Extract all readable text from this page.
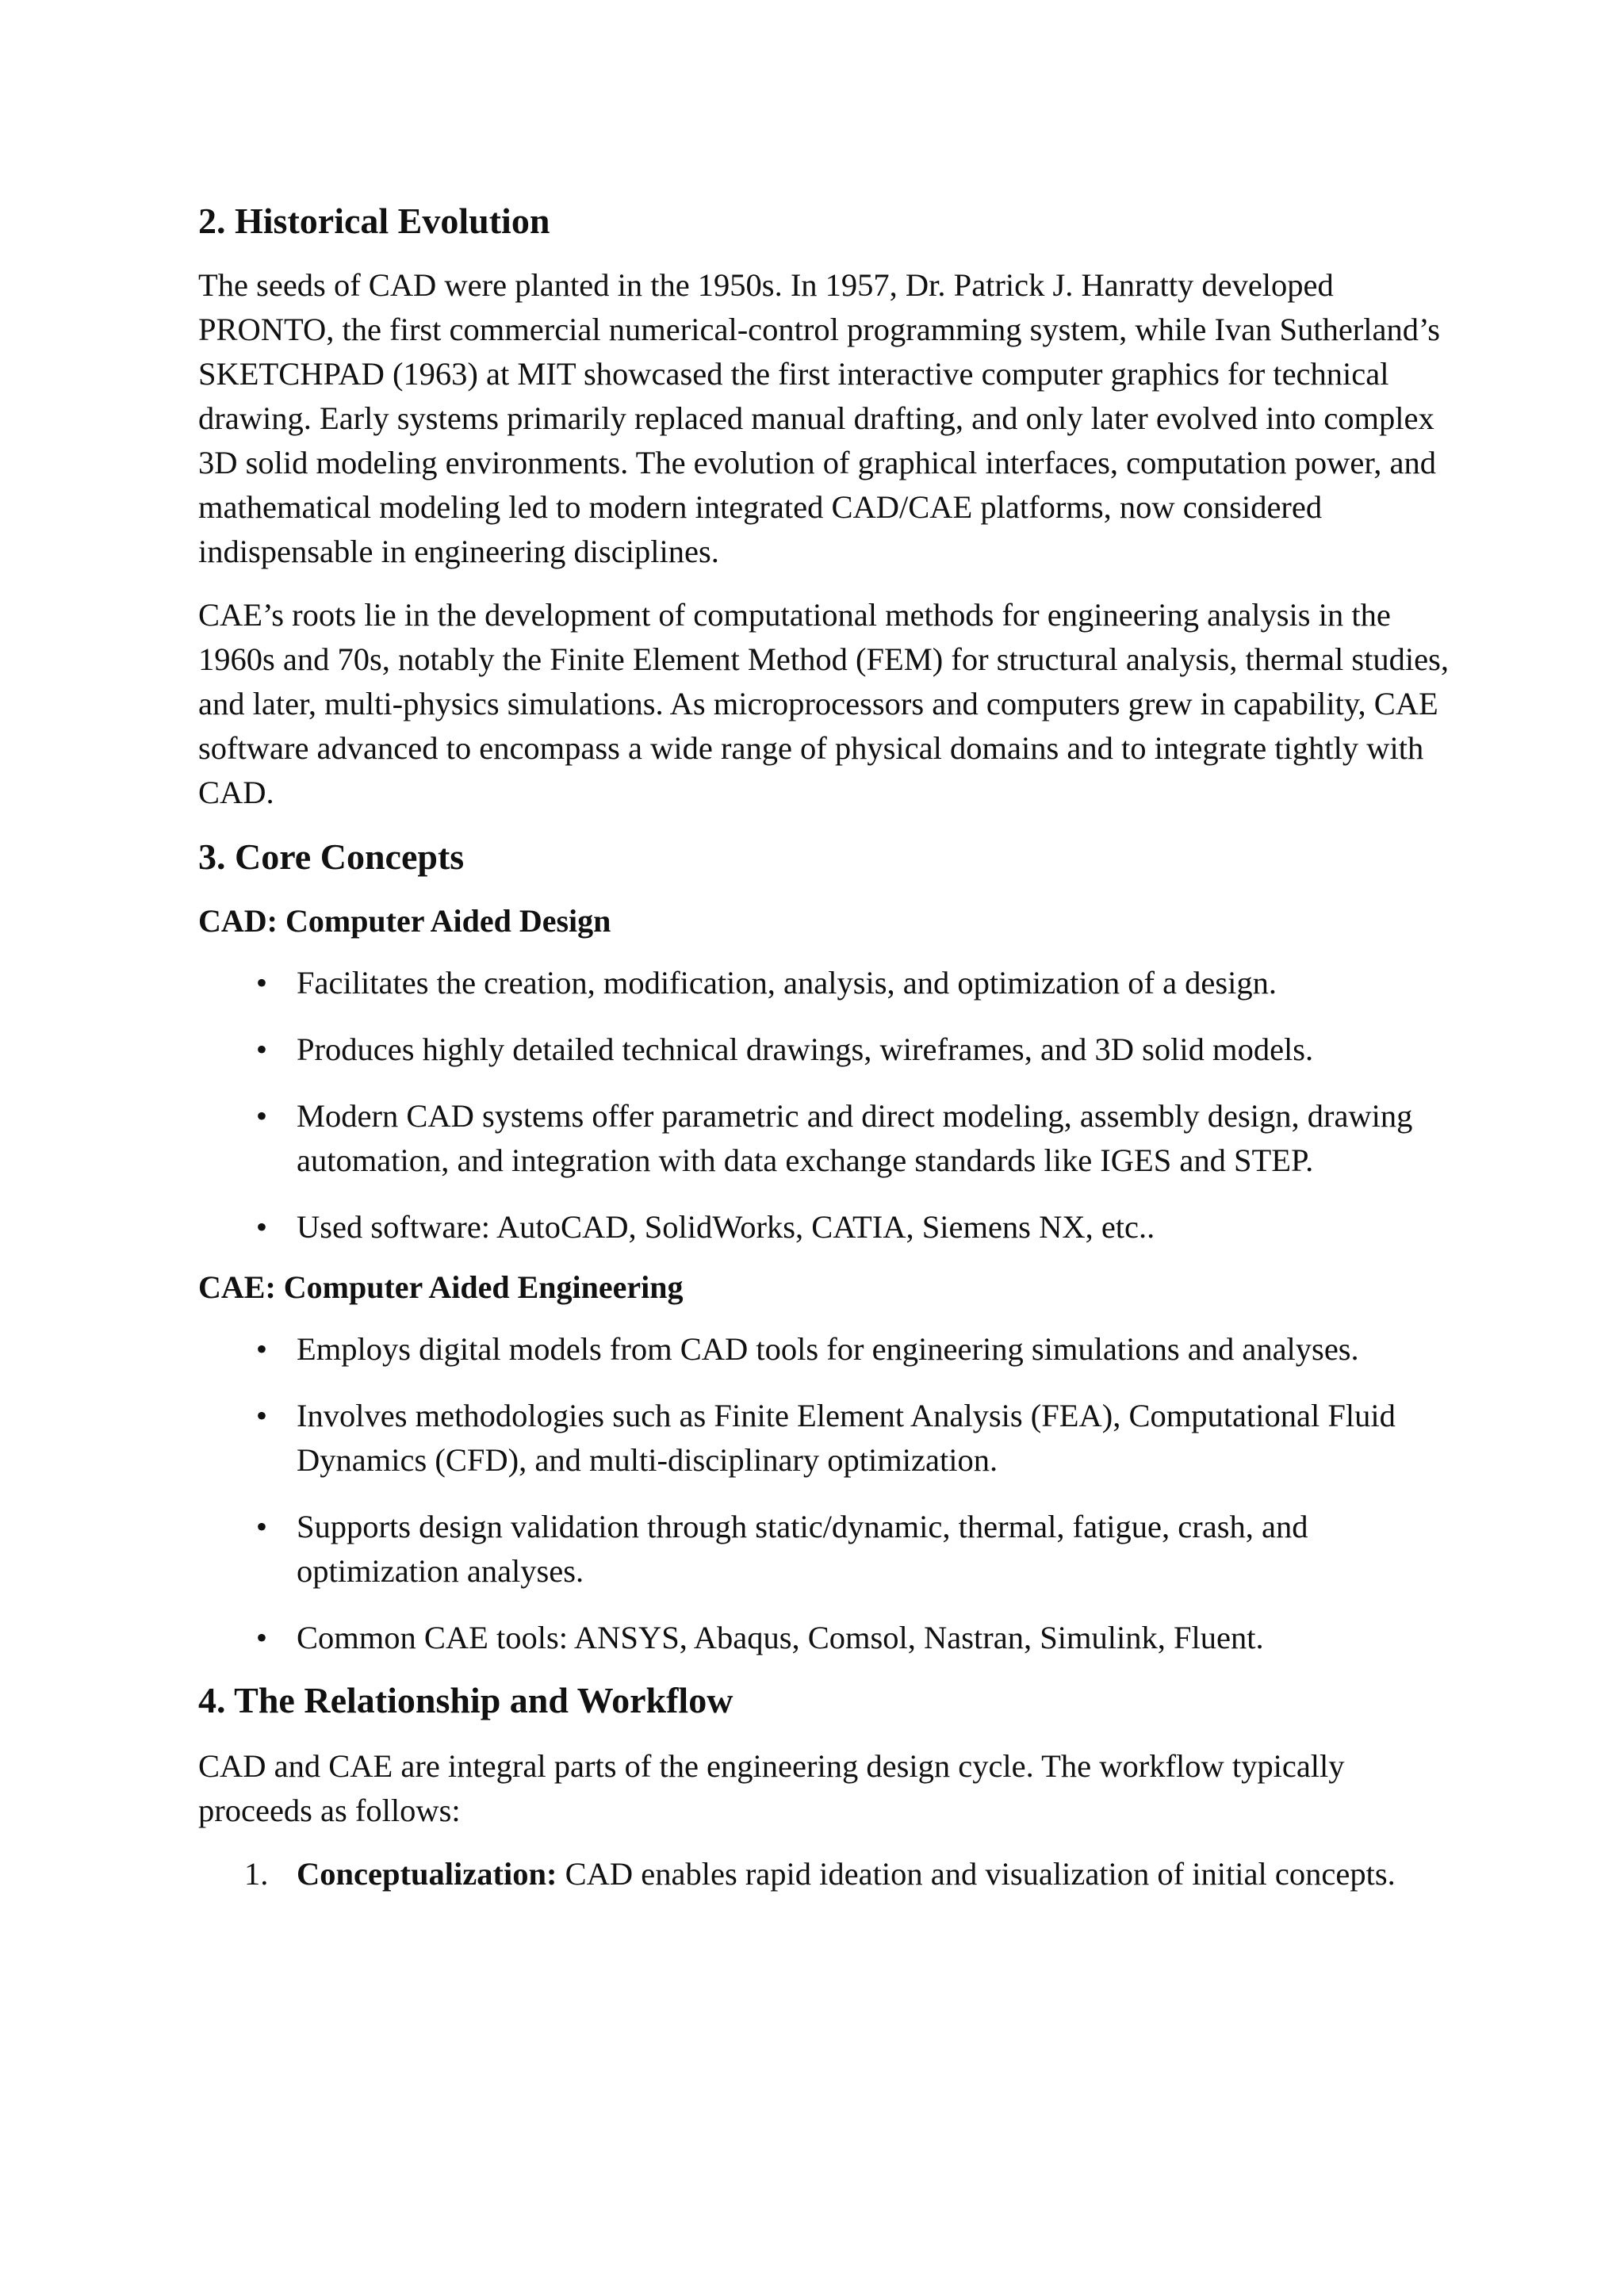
2. Historical Evolution

The seeds of CAD were planted in the 1950s. In 1957, Dr. Patrick J. Hanratty developed PRONTO, the first commercial numerical-control programming system, while Ivan Sutherland’s SKETCHPAD (1963) at MIT showcased the first interactive computer graphics for technical drawing. Early systems primarily replaced manual drafting, and only later evolved into complex 3D solid modeling environments. The evolution of graphical interfaces, computation power, and mathematical modeling led to modern integrated CAD/CAE platforms, now considered indispensable in engineering disciplines.

CAE’s roots lie in the development of computational methods for engineering analysis in the 1960s and 70s, notably the Finite Element Method (FEM) for structural analysis, thermal studies, and later, multi-physics simulations. As microprocessors and computers grew in capability, CAE software advanced to encompass a wide range of physical domains and to integrate tightly with CAD.

3. Core Concepts
CAD: Computer Aided Design
• Facilitates the creation, modification, analysis, and optimization of a design.
• Produces highly detailed technical drawings, wireframes, and 3D solid models.
• Modern CAD systems offer parametric and direct modeling, assembly design, drawing automation, and integration with data exchange standards like IGES and STEP.
• Used software: AutoCAD, SolidWorks, CATIA, Siemens NX, etc..
CAE: Computer Aided Engineering
• Employs digital models from CAD tools for engineering simulations and analyses.
• Involves methodologies such as Finite Element Analysis (FEA), Computational Fluid Dynamics (CFD), and multi-disciplinary optimization.
• Supports design validation through static/dynamic, thermal, fatigue, crash, and optimization analyses.
• Common CAE tools: ANSYS, Abaqus, Comsol, Nastran, Simulink, Fluent.
4. The Relationship and Workflow

CAD and CAE are integral parts of the engineering design cycle. The workflow typically proceeds as follows:

1. Conceptualization: CAD enables rapid ideation and visualization of initial concepts.
